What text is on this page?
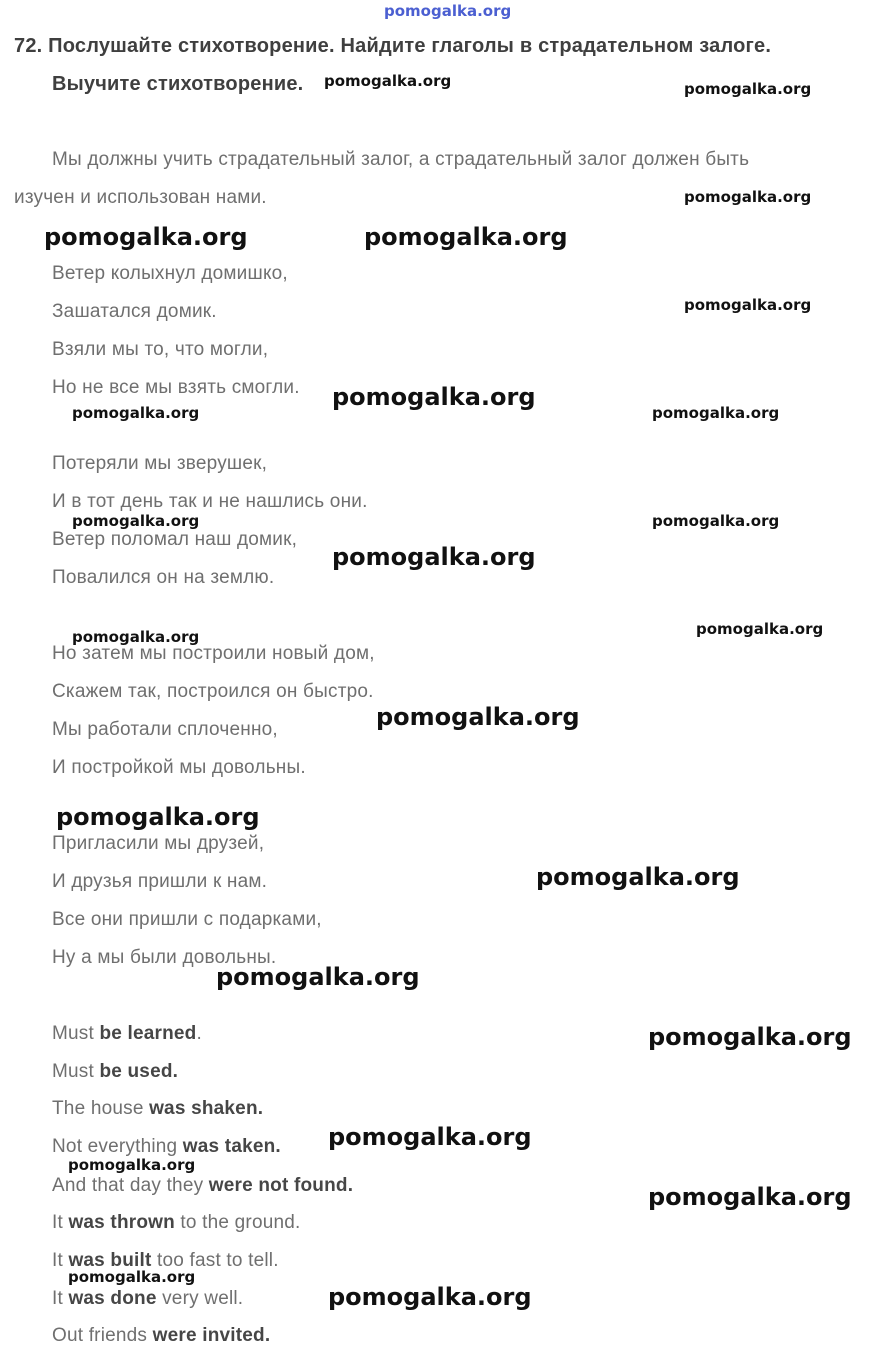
pomogalka.org
72. Послушайте стихотворение. Найдите глаголы в страдательном залоге.
Выучите стихотворение.
Мы должны учить страдательный залог, а страдательный залог должен быть
изучен и использован нами.
Ветер колыхнул домишко,
Зашатался домик.
Взяли мы то, что могли,
Но не все мы взять смогли.
Потеряли мы зверушек,
И в тот день так и не нашлись они.
Ветер поломал наш домик,
Повалился он на землю.
Но затем мы построили новый дом,
Скажем так, построился он быстро.
Мы работали сплоченно,
И постройкой мы довольны.
Пригласили мы друзей,
И друзья пришли к нам.
Все они пришли с подарками,
Ну а мы были довольны.
Must be learned.
Must be used.
The house was shaken.
Not everything was taken.
And that day they were not found.
It was thrown to the ground.
It was built too fast to tell.
It was done very well.
Out friends were invited.
pomogalka.org	pomogalka.org
pomogalka.org
pomogalka.org	pomogalka.org
pomogalka.org
pomogalka.org
pomogalka.org	pomogalka.org
pomogalka.org	pomogalka.org
pomogalka.org
pomogalka.org
pomogalka.org
pomogalka.org
pomogalka.org
pomogalka.org
pomogalka.org
pomogalka.org
pomogalka.org
pomogalka.org
pomogalka.org
pomogalka.org
pomogalka.org
